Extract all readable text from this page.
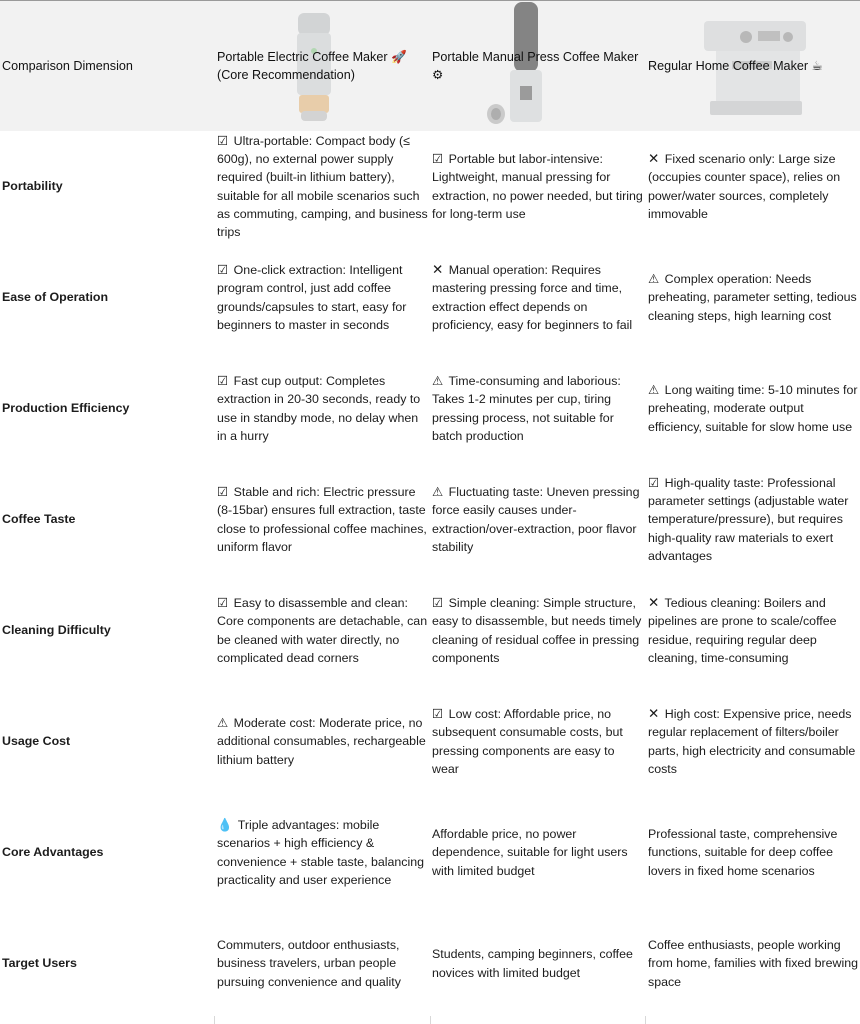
Comparison Dimension
Portable Electric Coffee Maker 🚀 (Core Recommendation)
Portable Manual Press Coffee Maker ⚙
Regular Home Coffee Maker ☕
Portability
☑ Ultra-portable: Compact body (≤ 600g), no external power supply required (built-in lithium battery), suitable for all mobile scenarios such as commuting, camping, and business trips
☑ Portable but labor-intensive: Lightweight, manual pressing for extraction, no power needed, but tiring for long-term use
✕ Fixed scenario only: Large size (occupies counter space), relies on power/water sources, completely immovable
Ease of Operation
☑ One-click extraction: Intelligent program control, just add coffee grounds/capsules to start, easy for beginners to master in seconds
✕ Manual operation: Requires mastering pressing force and time, extraction effect depends on proficiency, easy for beginners to fail
⚠ Complex operation: Needs preheating, parameter setting, tedious cleaning steps, high learning cost
Production Efficiency
☑ Fast cup output: Completes extraction in 20-30 seconds, ready to use in standby mode, no delay when in a hurry
⚠ Time-consuming and laborious: Takes 1-2 minutes per cup, tiring pressing process, not suitable for batch production
⚠ Long waiting time: 5-10 minutes for preheating, moderate output efficiency, suitable for slow home use
Coffee Taste
☑ Stable and rich: Electric pressure (8-15bar) ensures full extraction, taste close to professional coffee machines, uniform flavor
⚠ Fluctuating taste: Uneven pressing force easily causes under-extraction/over-extraction, poor flavor stability
☑ High-quality taste: Professional parameter settings (adjustable water temperature/pressure), but requires high-quality raw materials to exert advantages
Cleaning Difficulty
☑ Easy to disassemble and clean: Core components are detachable, can be cleaned with water directly, no complicated dead corners
☑ Simple cleaning: Simple structure, easy to disassemble, but needs timely cleaning of residual coffee in pressing components
✕ Tedious cleaning: Boilers and pipelines are prone to scale/coffee residue, requiring regular deep cleaning, time-consuming
Usage Cost
⚠ Moderate cost: Moderate price, no additional consumables, rechargeable lithium battery
☑ Low cost: Affordable price, no subsequent consumable costs, but pressing components are easy to wear
✕ High cost: Expensive price, needs regular replacement of filters/boiler parts, high electricity and consumable costs
Core Advantages
💧 Triple advantages: mobile scenarios + high efficiency & convenience + stable taste, balancing practicality and user experience
Affordable price, no power dependence, suitable for light users with limited budget
Professional taste, comprehensive functions, suitable for deep coffee lovers in fixed home scenarios
Target Users
Commuters, outdoor enthusiasts, business travelers, urban people pursuing convenience and quality
Students, camping beginners, coffee novices with limited budget
Coffee enthusiasts, people working from home, families with fixed brewing space
